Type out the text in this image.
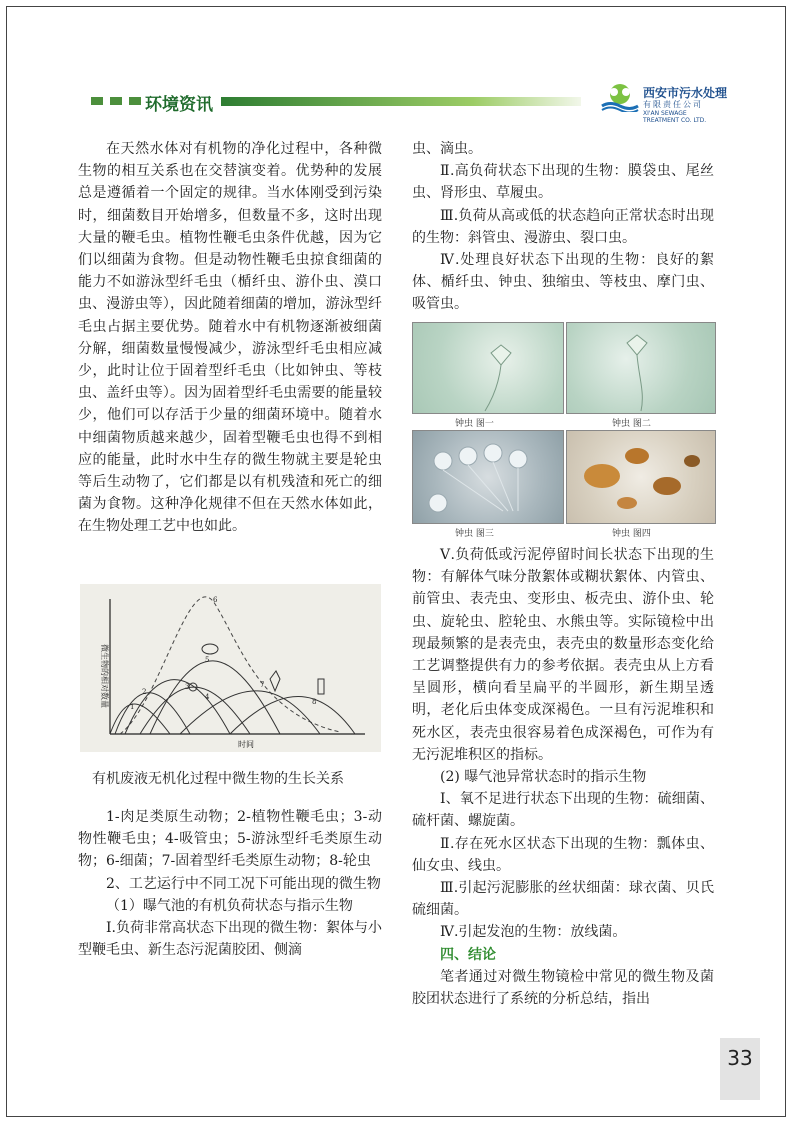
环境资讯
西安市污水处理
有限责任公司
XI'AN SEWAGE
TREATMENT CO. LTD.

在天然水体对有机物的净化过程中，各种微生物的相互关系也在交替演变着。优势种的发展总是遵循着一个固定的规律。当水体刚受到污染时，细菌数目开始增多，但数量不多，这时出现大量的鞭毛虫。植物性鞭毛虫条件优越，因为它们以细菌为食物。但是动物性鞭毛虫掠食细菌的能力不如游泳型纤毛虫（楯纤虫、游仆虫、漠口虫、漫游虫等），因此随着细菌的增加，游泳型纤毛虫占据主要优势。随着水中有机物逐渐被细菌分解，细菌数量慢慢减少，游泳型纤毛虫相应减少，此时让位于固着型纤毛虫（比如钟虫、等枝虫、盖纤虫等）。因为固着型纤毛虫需要的能量较少，他们可以存活于少量的细菌环境中。随着水中细菌物质越来越少，固着型鞭毛虫也得不到相应的能量，此时水中生存的微生物就主要是轮虫等后生动物了，它们都是以有机残渣和死亡的细菌为食物。这种净化规律不但在天然水体如此，在生物处理工艺中也如此。

微生物的相对数量
时间
6
1
2
3
4
5
7
8
有机废液无机化过程中微生物的生长关系

1-肉足类原生动物；2-植物性鞭毛虫；3-动物性鞭毛虫；4-吸管虫；5-游泳型纤毛类原生动物；6-细菌；7-固着型纤毛类原生动物；8-轮虫

2、工艺运行中不同工况下可能出现的微生物

（1）曝气池的有机负荷状态与指示生物

Ⅰ.负荷非常高状态下出现的微生物：絮体与小型鞭毛虫、新生态污泥菌胶团、侧滴

虫、滴虫。

Ⅱ.高负荷状态下出现的生物：膜袋虫、尾丝虫、肾形虫、草履虫。

Ⅲ.负荷从高或低的状态趋向正常状态时出现的生物：斜管虫、漫游虫、裂口虫。

Ⅳ.处理良好状态下出现的生物：良好的絮体、楯纤虫、钟虫、独缩虫、等枝虫、摩门虫、吸管虫。

钟虫 图一	钟虫 图二
钟虫 图三	钟虫 图四

Ⅴ.负荷低或污泥停留时间长状态下出现的生物：有解体气味分散絮体或糊状絮体、内管虫、前管虫、表壳虫、变形虫、板壳虫、游仆虫、轮虫、旋轮虫、腔轮虫、水熊虫等。实际镜检中出现最频繁的是表壳虫，表壳虫的数量形态变化给工艺调整提供有力的参考依据。表壳虫从上方看呈圆形，横向看呈扁平的半圆形，新生期呈透明，老化后虫体变成深褐色。一旦有污泥堆积和死水区，表壳虫很容易着色成深褐色，可作为有无污泥堆积区的指标。

(2) 曝气池异常状态时的指示生物

Ⅰ、氧不足进行状态下出现的生物：硫细菌、硫杆菌、螺旋菌。

Ⅱ.存在死水区状态下出现的生物：瓢体虫、仙女虫、线虫。

Ⅲ.引起污泥膨胀的丝状细菌：球衣菌、贝氏硫细菌。

Ⅳ.引起发泡的生物：放线菌。

四、结论

笔者通过对微生物镜检中常见的微生物及菌胶团状态进行了系统的分析总结，指出

33
